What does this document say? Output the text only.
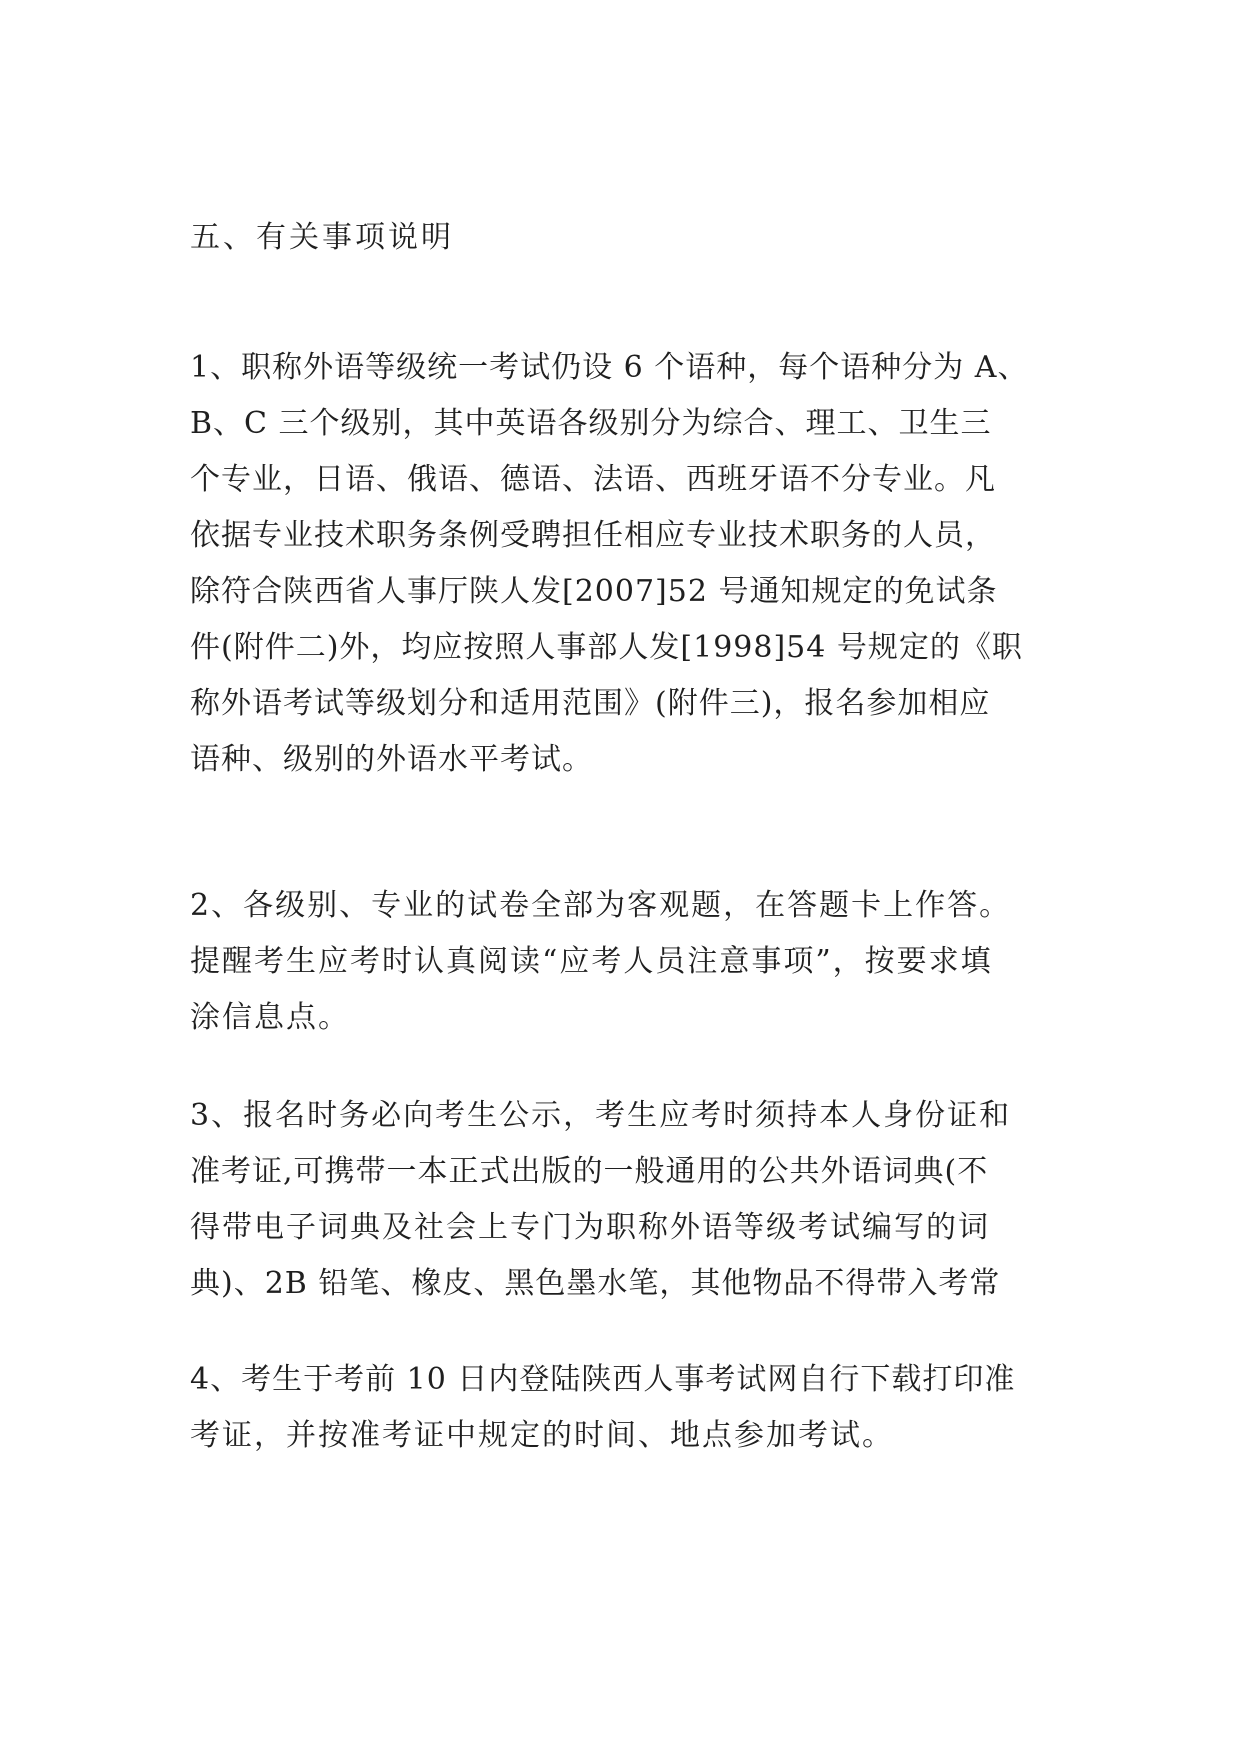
五、有关事项说明
1、职称外语等级统一考试仍设 6 个语种，每个语种分为 A、
B、C 三个级别，其中英语各级别分为综合、理工、卫生三
个专业，日语、俄语、德语、法语、西班牙语不分专业。凡
依据专业技术职务条例受聘担任相应专业技术职务的人员，
除符合陕西省人事厅陕人发[2007]52 号通知规定的免试条
件(附件二)外，均应按照人事部人发[1998]54 号规定的《职
称外语考试等级划分和适用范围》(附件三)，报名参加相应
语种、级别的外语水平考试。
2、各级别、专业的试卷全部为客观题，在答题卡上作答。
提醒考生应考时认真阅读“应考人员注意事项”，按要求填
涂信息点。
3、报名时务必向考生公示，考生应考时须持本人身份证和
准考证,可携带一本正式出版的一般通用的公共外语词典(不
得带电子词典及社会上专门为职称外语等级考试编写的词
典)、2B 铅笔、橡皮、黑色墨水笔，其他物品不得带入考常
4、考生于考前 10 日内登陆陕西人事考试网自行下载打印准
考证，并按准考证中规定的时间、地点参加考试。
